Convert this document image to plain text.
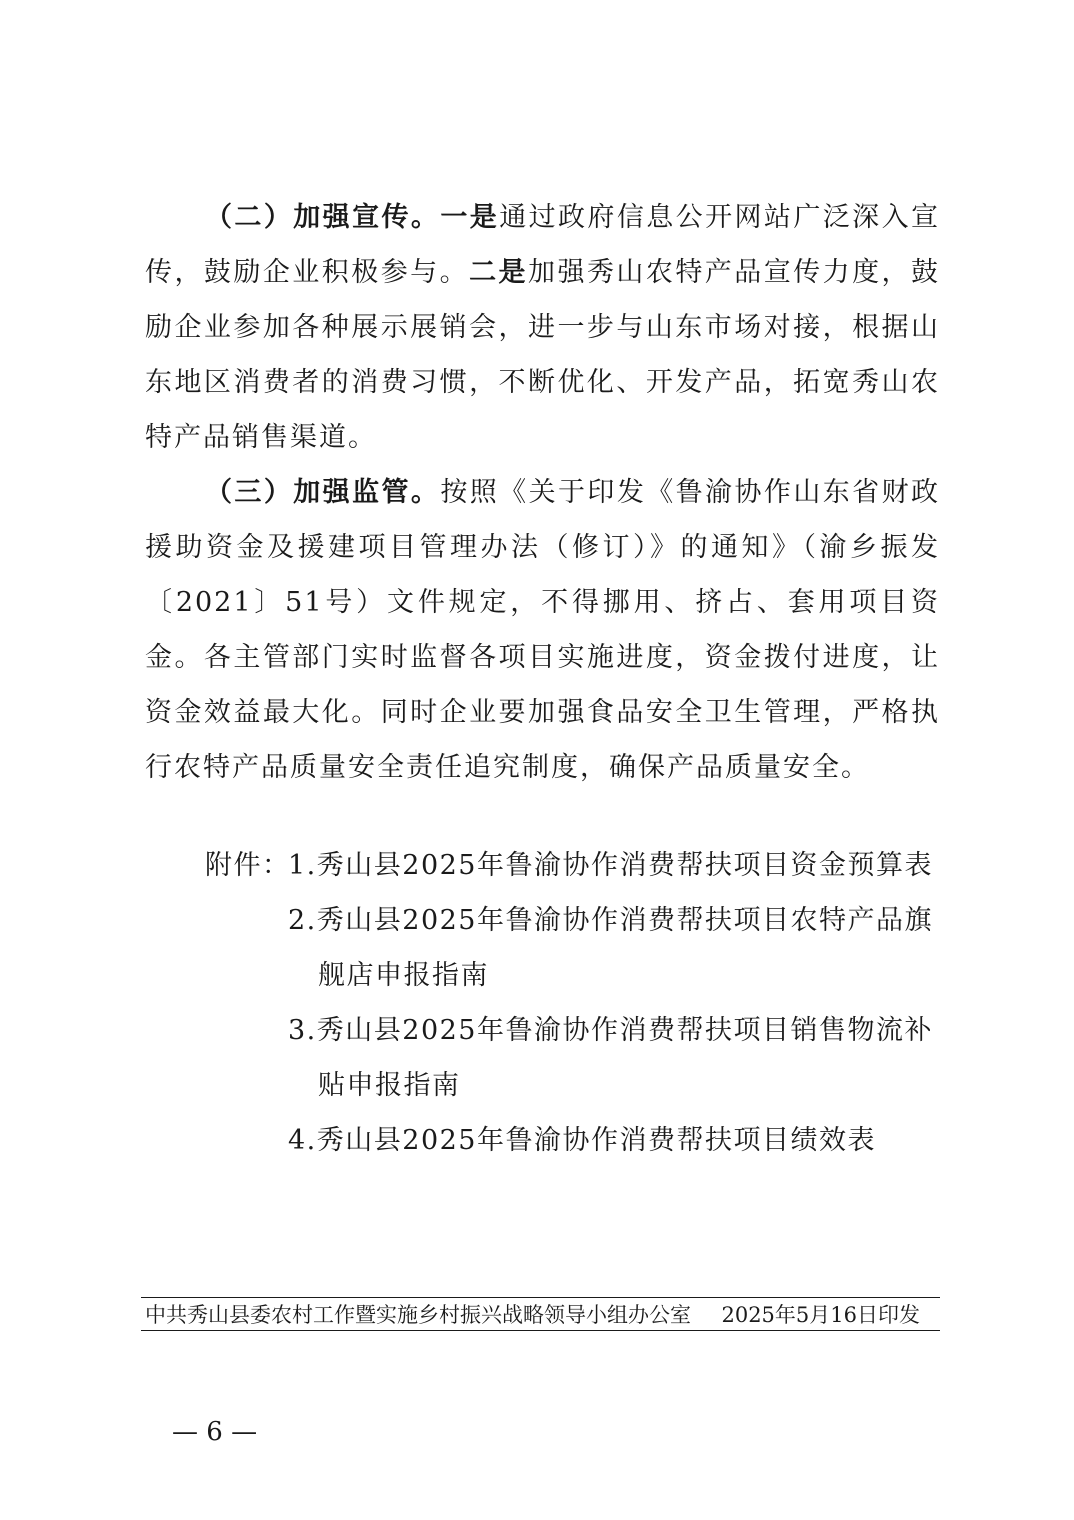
（二）加强宣传。一是通过政府信息公开网站广泛深入宣传，鼓励企业积极参与。二是加强秀山农特产品宣传力度，鼓励企业参加各种展示展销会，进一步与山东市场对接，根据山东地区消费者的消费习惯，不断优化、开发产品，拓宽秀山农特产品销售渠道。

（三）加强监管。按照《关于印发《鲁渝协作山东省财政援助资金及援建项目管理办法（修订）》的通知》（渝乡振发〔2021〕51号）文件规定，不得挪用、挤占、套用项目资金。各主管部门实时监督各项目实施进度，资金拨付进度，让资金效益最大化。同时企业要加强食品安全卫生管理，严格执行农特产品质量安全责任追究制度，确保产品质量安全。

附件：
1.秀山县2025年鲁渝协作消费帮扶项目资金预算表
2.秀山县2025年鲁渝协作消费帮扶项目农特产品旗舰店申报指南
3.秀山县2025年鲁渝协作消费帮扶项目销售物流补贴申报指南
4.秀山县2025年鲁渝协作消费帮扶项目绩效表
中共秀山县委农村工作暨实施乡村振兴战略领导小组办公室 2025年5月16日印发
— 6 —
